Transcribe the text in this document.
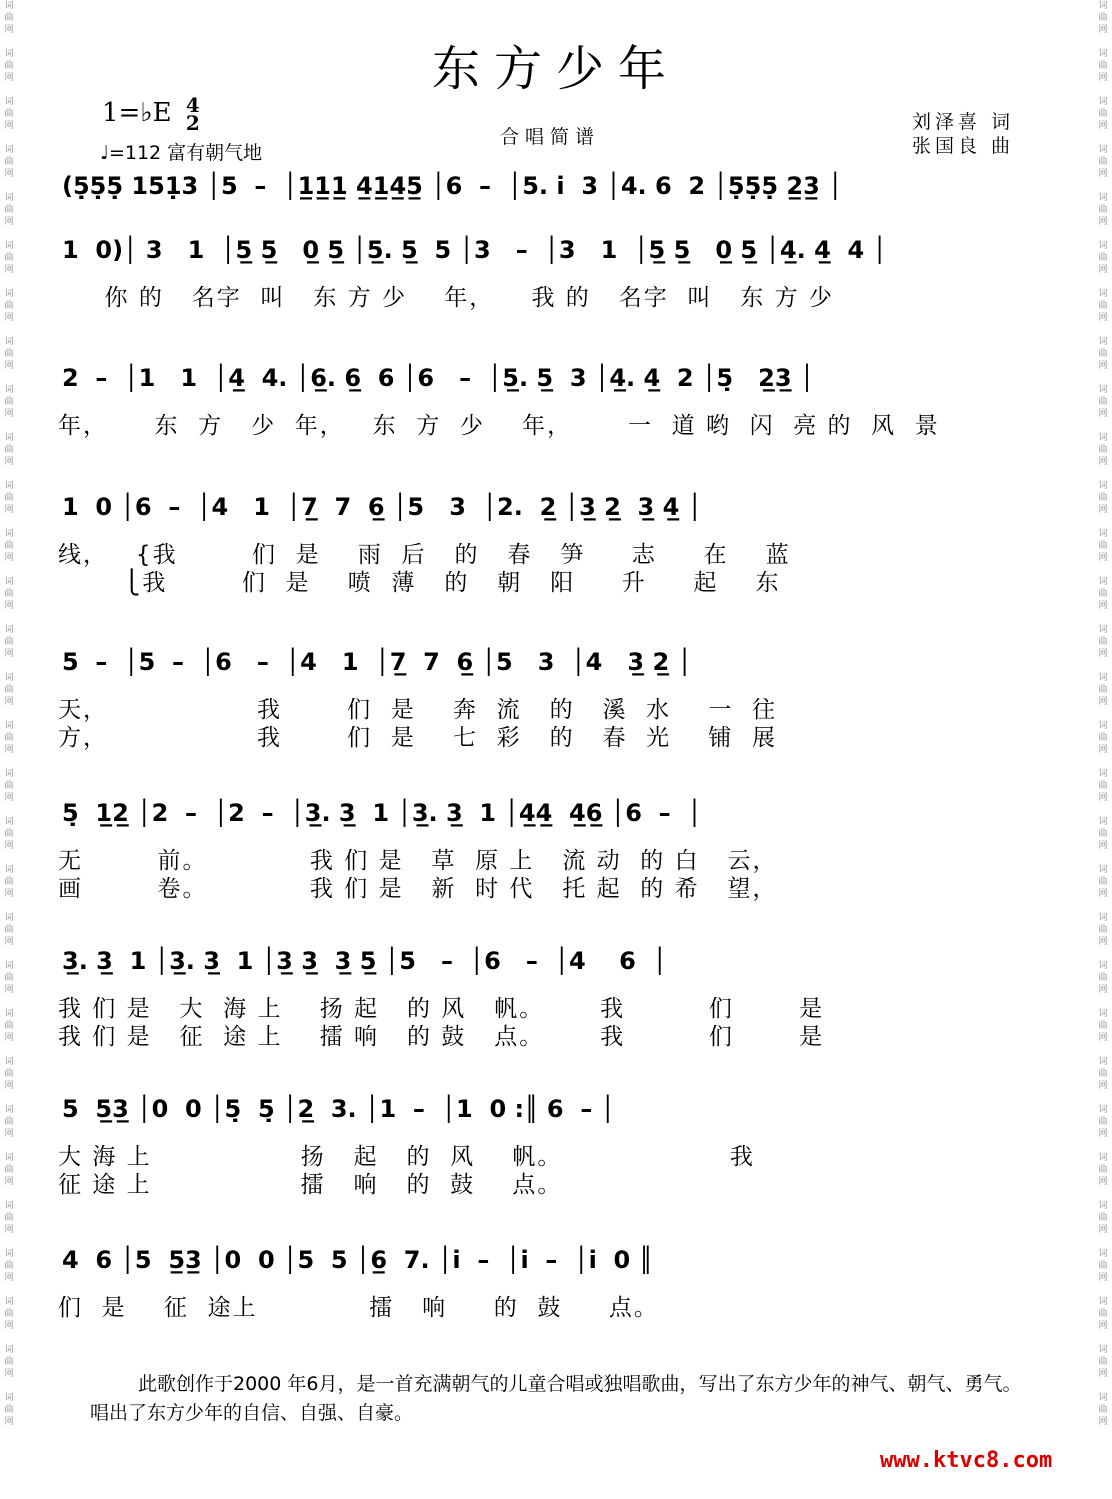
东方少年
1=♭E 4
2
♩=112 富有朝气地
合唱简谱
刘泽喜 词
张国良 曲
(5̣5̣5̣ 151̣3 │5  –  │1̲1̲1̲ 4̲1̲4̲5̲ │6  –  │5. i̇  3 │4. 6  2 │5̣5̣5̣ 2̲3̲ │
1  0)│ 3   1  │5̲ 5̲   0̲ 5̲ │5̲. 5̲  5 │3   –  │3   1  │5̲ 5̲   0̲ 5̲ │4̲. 4̲  4 │
你 的   名字  叫   东 方 少    年，    我 的   名字  叫   东 方 少
2  –  │1   1  │4̲  4. │6̲. 6̲  6 │6   –  │5̲. 5̲  3 │4̲. 4̲  2 │5̣   2̲3̲ │
年，     东  方   少  年，   东  方  少    年，      一  道 哟  闪  亮 的  风  景
1  0 │6  –  │4   1  │7̲  7  6̲ │5   3  │2.  2̲ │3̲ 2̲  3̲ 4̲ │
线，   {我        们  是    雨  后   的   春   笋     志     在    蓝
⎩我        们  是    喷  薄   的   朝   阳     升     起    东
5  –  │5  –  │6   –  │4   1  │7̲  7  6̲ │5   3  │4   3̲ 2̲ │
天，                我       们  是    奔  流   的   溪  水    一  往
方，                我       们  是    七  彩   的   春  光    铺  展
5̣  1̲2̲ │2  –  │2  –  │3̲. 3̲  1 │3̲. 3̲  1 │4̲4̲  4̲6̲ │6  –  │
无        前。           我 们 是   草  原 上   流 动  的 白   云，
画        卷。           我 们 是   新  时 代   托 起  的 希   望，
3̲. 3̲  1 │3̲. 3̲  1 │3̲ 3̲  3̲ 5̲ │5   –  │6   –  │4    6  │
我 们 是   大  海 上    扬 起   的 风   帆。      我         们       是
我 们 是   征  途 上    擂 响   的 鼓   点。      我         们       是
5  5̲3̲ │0  0 │5̣  5̣ │2̲  3. │1  –  │1  0 :║ 6  – │
大 海 上                扬   起   的  风    帆。                  我
征 途 上                擂   响   的  鼓    点。
4  6 │5  5̲3̲ │0  0 │5  5 │6̲  7. │i̇  –  │i̇  –  │i̇  0 ║
们  是    征  途上            擂   响     的  鼓     点。
此歌创作于2000 年6月，是一首充满朝气的儿童合唱或独唱歌曲，写出了东方少年的神气、朝气、勇气。唱出了东方少年的自信、自强、自豪。
www.ktvc8.com
词
曲
网

词
曲
网

词
曲
网

词
曲
网

词
曲
网

词
曲
网

词
曲
网

词
曲
网

词
曲
网

词
曲
网

词
曲
网

词
曲
网

词
曲
网

词
曲
网

词
曲
网

词
曲
网

词
曲
网

词
曲
网

词
曲
网

词
曲
网

词
曲
网

词
曲
网

词
曲
网

词
曲
网

词
曲
网

词
曲
网

词
曲
网

词
曲
网

词
曲
网

词
曲
网

词
曲
网

词
曲
网

词
曲
网

词
曲
网

词
曲
网

词
曲
网

词
曲
网

词
曲
网

词
曲
网

词
曲
网

词
曲
网

词
曲
网

词
曲
网

词
曲
网

词
曲
网

词
曲
网

词
曲
网

词
曲
网

词
曲
网

词
曲
网

词
曲
网

词
曲
网

词
曲
网

词
曲
网

词
曲
网

词
曲
网

词
曲
网

词
曲
网

词
曲
网

词
曲
网
